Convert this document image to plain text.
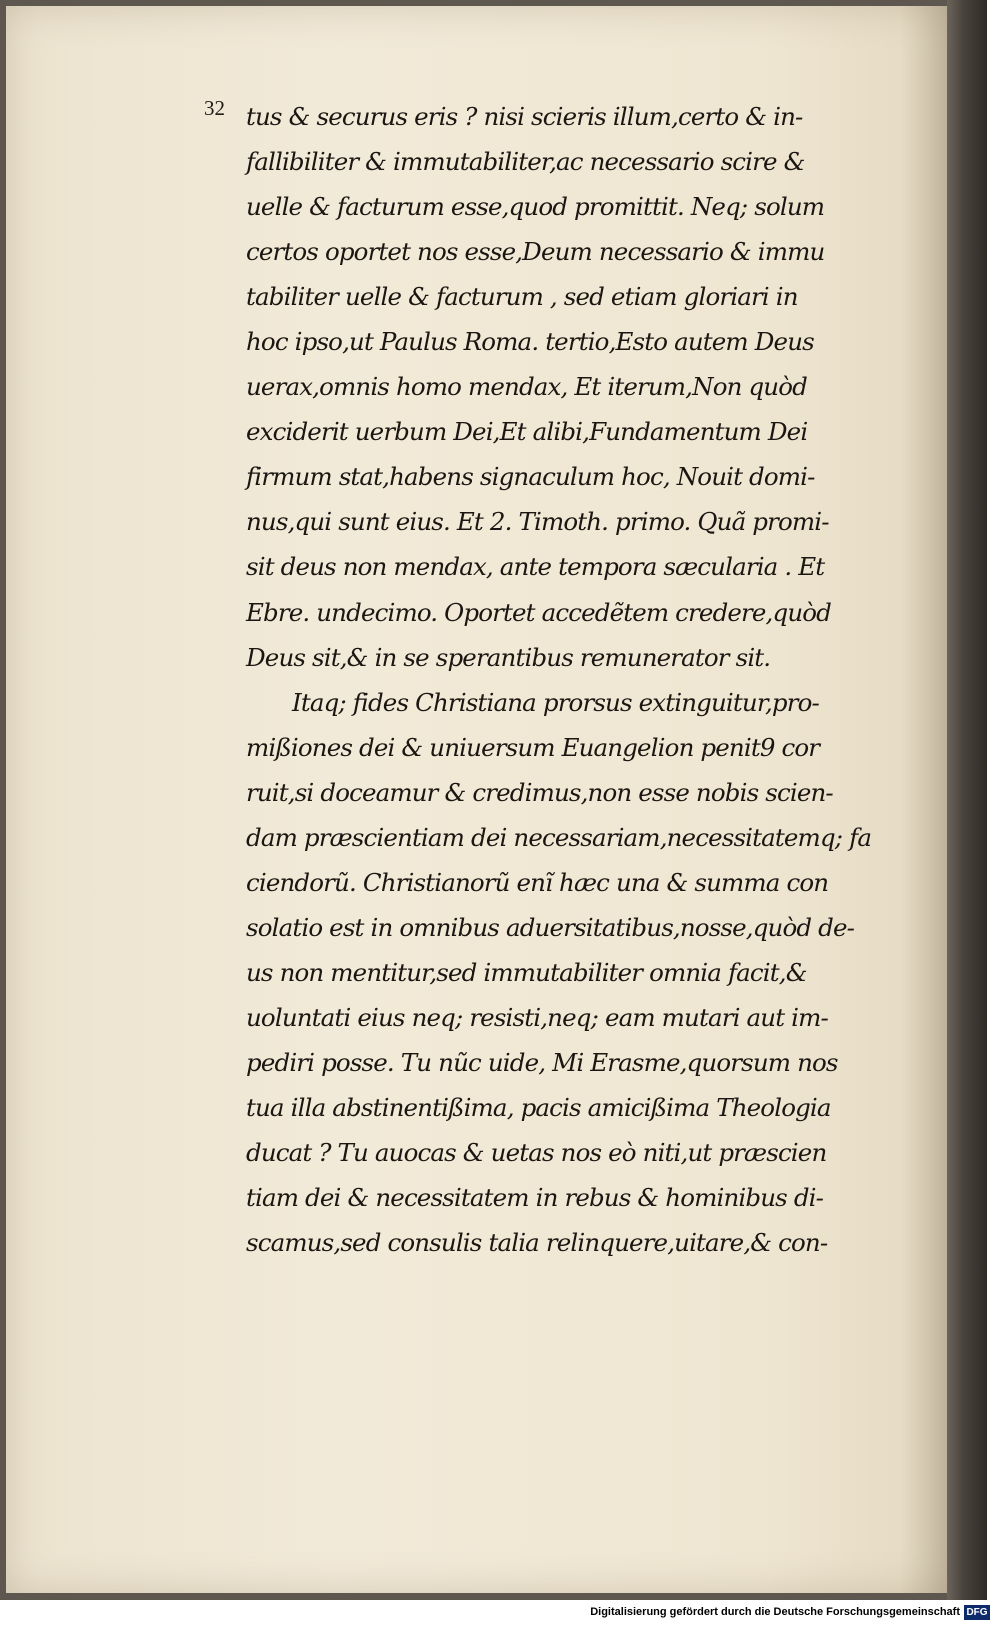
32 tus & securus eris ? nisi scieris illum,certo & in-
fallibiliter & immutabiliter,ac necessario scire &
uelle & facturum esse,quod promittit. Neq; solum
certos oportet nos esse,Deum necessario & immu
tabiliter uelle & facturum , sed etiam gloriari in
hoc ipso,ut Paulus Roma. tertio,Esto autem Deus
uerax,omnis homo mendax, Et iterum,Non quòd
exciderit uerbum Dei,Et alibi,Fundamentum Dei
firmum stat,habens signaculum hoc, Nouit domi-
nus,qui sunt eius. Et 2. Timoth. primo. Quã promi-
sit deus non mendax, ante tempora sæcularia . Et
Ebre. undecimo. Oportet accedẽtem credere,quòd
Deus sit,& in se sperantibus remunerator sit.
Itaq; fides Christiana prorsus extinguitur,pro-
mißiones dei & uniuersum Euangelion penit9 cor
ruit,si doceamur & credimus,non esse nobis scien-
dam præscientiam dei necessariam,necessitatemq; fa
ciendorũ. Christianorũ enĩ hæc una & summa con
solatio est in omnibus aduersitatibus,nosse,quòd de-
us non mentitur,sed immutabiliter omnia facit,&
uoluntati eius neq; resisti,neq; eam mutari aut im-
pediri posse. Tu nũc uide, Mi Erasme,quorsum nos
tua illa abstinentißima, pacis amicißima Theologia
ducat ? Tu auocas & uetas nos eò niti,ut præscien
tiam dei & necessitatem in rebus & hominibus di-
scamus,sed consulis talia relinquere,uitare,& con-
Digitalisierung gefördert durch die Deutsche Forschungsgemeinschaft DFG
